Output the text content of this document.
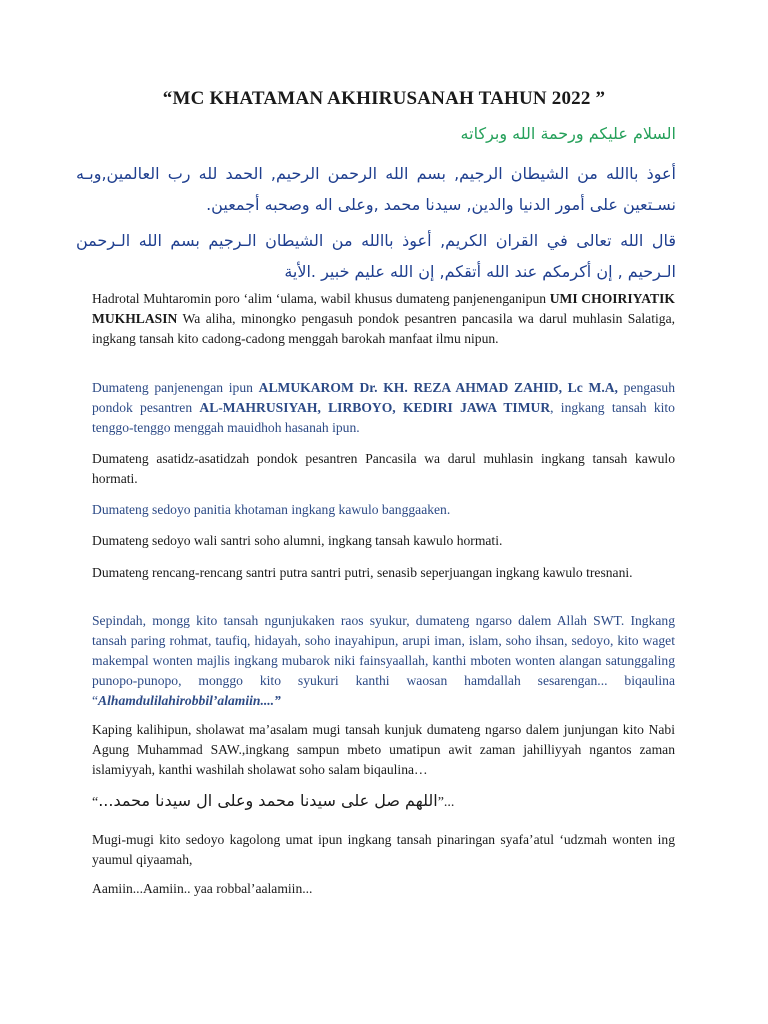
“MC KHATAMAN AKHIRUSANAH TAHUN 2022 ”
السلام عليكم ورحمة الله وبركاته
أعوذ باالله من الشيطان الرجيم, بسم الله الرحمن الرحيم, الحمد لله رب العالمين,وبـه نسـتعين على أمور الدنيا والدين, سيدنا محمد ,وعلى اله وصحبه أجمعين.
قال الله تعالى في القران الكريم, أعوذ باالله من الشيطان الـرجيم بسم الله الـرحمن الـرحيم , إن أكرمكم عند الله أتقكم, إن الله عليم خبير .الأية

Hadrotal Muhtaromin poro ‘alim ‘ulama, wabil khusus dumateng panjenenganipun UMI CHOIRIYATIK MUKHLASIN Wa aliha, minongko pengasuh pondok pesantren pancasila wa darul muhlasin Salatiga, ingkang tansah kito cadong-cadong menggah barokah manfaat ilmu nipun.

Dumateng panjenengan ipun ALMUKAROM Dr. KH. REZA AHMAD ZAHID, Lc M.A, pengasuh pondok pesantren AL-MAHRUSIYAH, LIRBOYO, KEDIRI JAWA TIMUR, ingkang tansah kito tenggo-tenggo menggah mauidhoh hasanah ipun.

Dumateng asatidz-asatidzah pondok pesantren Pancasila wa darul muhlasin ingkang tansah kawulo hormati.

Dumateng sedoyo panitia khotaman ingkang kawulo banggaaken.

Dumateng sedoyo wali santri soho alumni, ingkang tansah kawulo hormati.

Dumateng rencang-rencang santri putra santri putri, senasib seperjuangan ingkang kawulo tresnani.

Sepindah, mongg kito tansah ngunjukaken raos syukur, dumateng ngarso dalem Allah SWT. Ingkang tansah paring rohmat, taufiq, hidayah, soho inayahipun, arupi iman, islam, soho ihsan, sedoyo, kito waget makempal wonten majlis ingkang mubarok niki fainsyaallah, kanthi mboten wonten alangan satunggaling punopo-punopo, monggo kito syukuri kanthi waosan hamdallah sesarengan... biqaulina “Alhamdulilahirobbil’alamiin....”

Kaping kalihipun, sholawat ma’asalam mugi tansah kunjuk dumateng ngarso dalem junjungan kito Nabi Agung Muhammad SAW.,ingkang sampun mbeto umatipun awit zaman jahilliyyah ngantos zaman islamiyyah, kanthi washilah sholawat soho salam biqaulina…

“اللهم صل على سيدنا محمد وعلى ال سيدنا محمد...”...

Mugi-mugi kito sedoyo kagolong umat ipun ingkang tansah pinaringan syafa’atul ‘udzmah wonten ing yaumul qiyaamah,

Aamiin...Aamiin.. yaa robbal’aalamiin...
